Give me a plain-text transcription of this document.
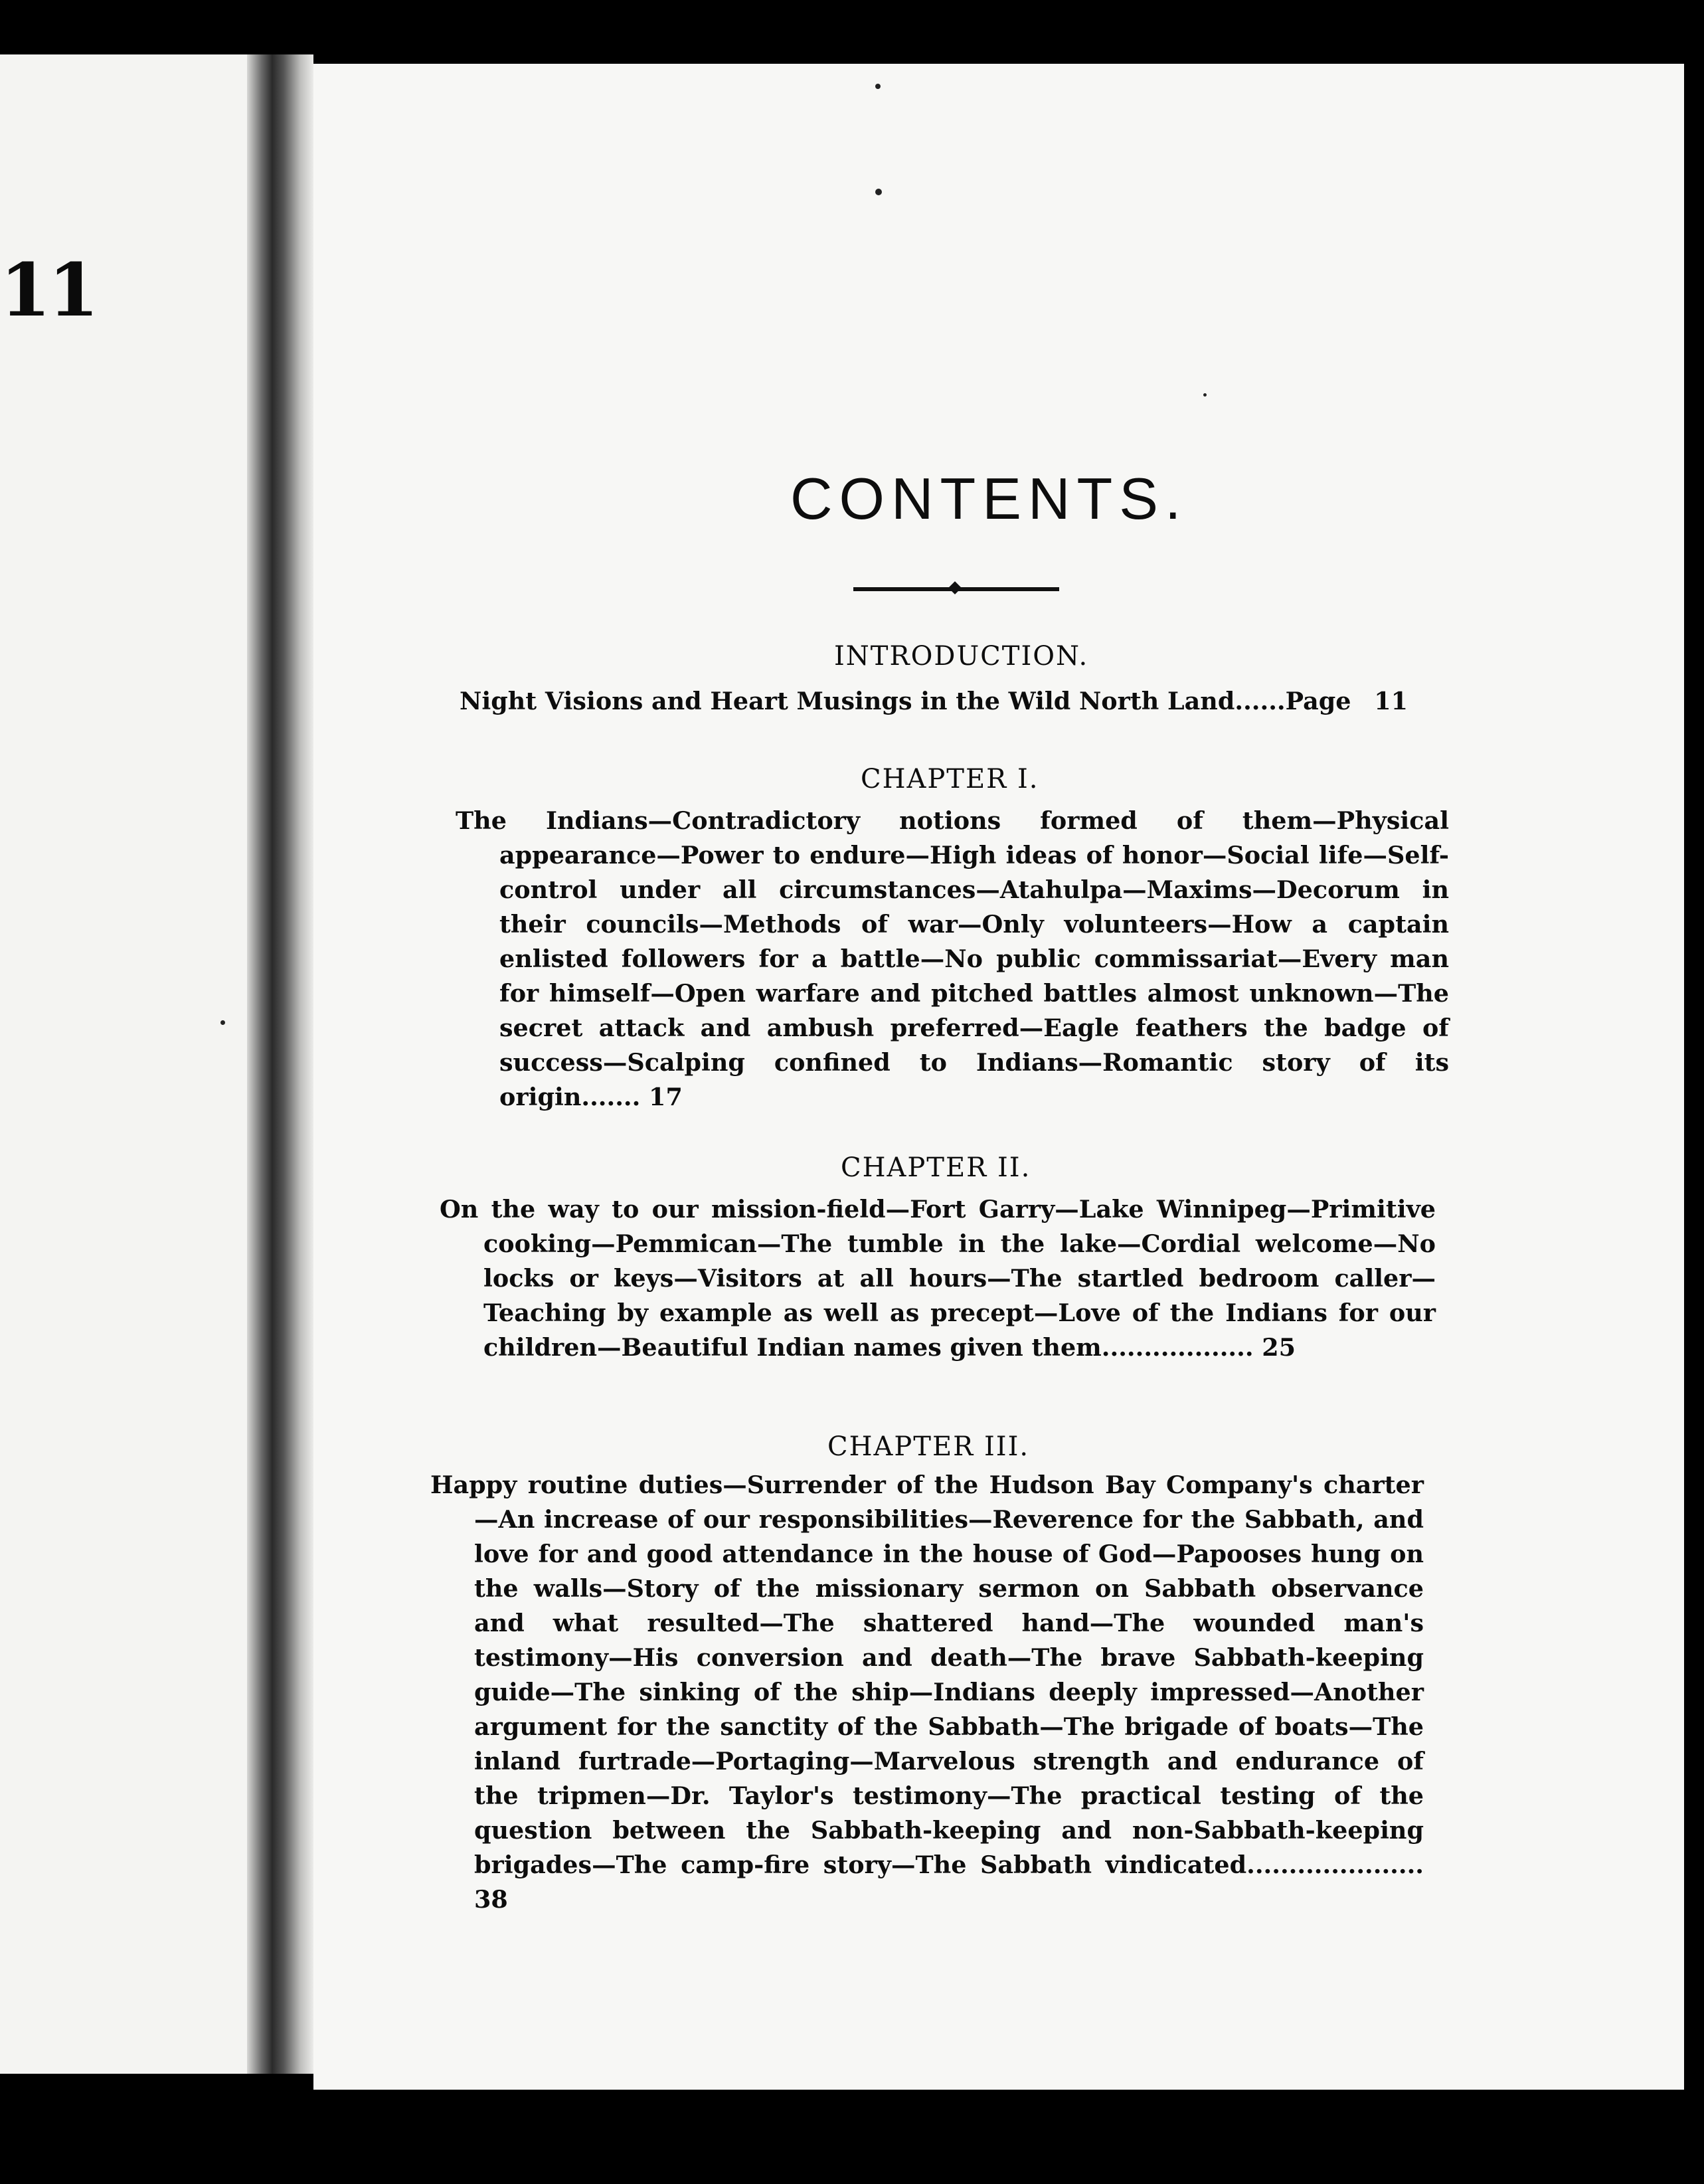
11
CONTENTS.
INTRODUCTION.
Night Visions and Heart Musings in the Wild North Land......Page 11
CHAPTER I.
The Indians—Contradictory notions formed of them—Physical appearance—Power to endure—High ideas of honor—Social life—Self-control under all circumstances—Atahulpa—Maxims—Decorum in their councils—Methods of war—Only volunteers—How a captain enlisted followers for a battle—No public commissariat—Every man for himself—Open warfare and pitched battles almost unknown—The secret attack and ambush preferred—Eagle feathers the badge of success—Scalping confined to Indians—Romantic story of its origin....... 17
CHAPTER II.
On the way to our mission-field—Fort Garry—Lake Winnipeg—Primitive cooking—Pemmican—The tumble in the lake—Cordial welcome—No locks or keys—Visitors at all hours—The startled bedroom caller—Teaching by example as well as precept—Love of the Indians for our children—Beautiful Indian names given them.................. 25
CHAPTER III.
Happy routine duties—Surrender of the Hudson Bay Company's charter—An increase of our responsibilities—Reverence for the Sabbath, and love for and good attendance in the house of God—Papooses hung on the walls—Story of the missionary sermon on Sabbath observance and what resulted—The shattered hand—The wounded man's testimony—His conversion and death—The brave Sabbath-keeping guide—The sinking of the ship—Indians deeply impressed—Another argument for the sanctity of the Sabbath—The brigade of boats—The inland furtrade—Portaging—Marvelous strength and endurance of the tripmen—Dr. Taylor's testimony—The practical testing of the question between the Sabbath-keeping and non-Sabbath-keeping brigades—The camp-fire story—The Sabbath vindicated..................... 38
